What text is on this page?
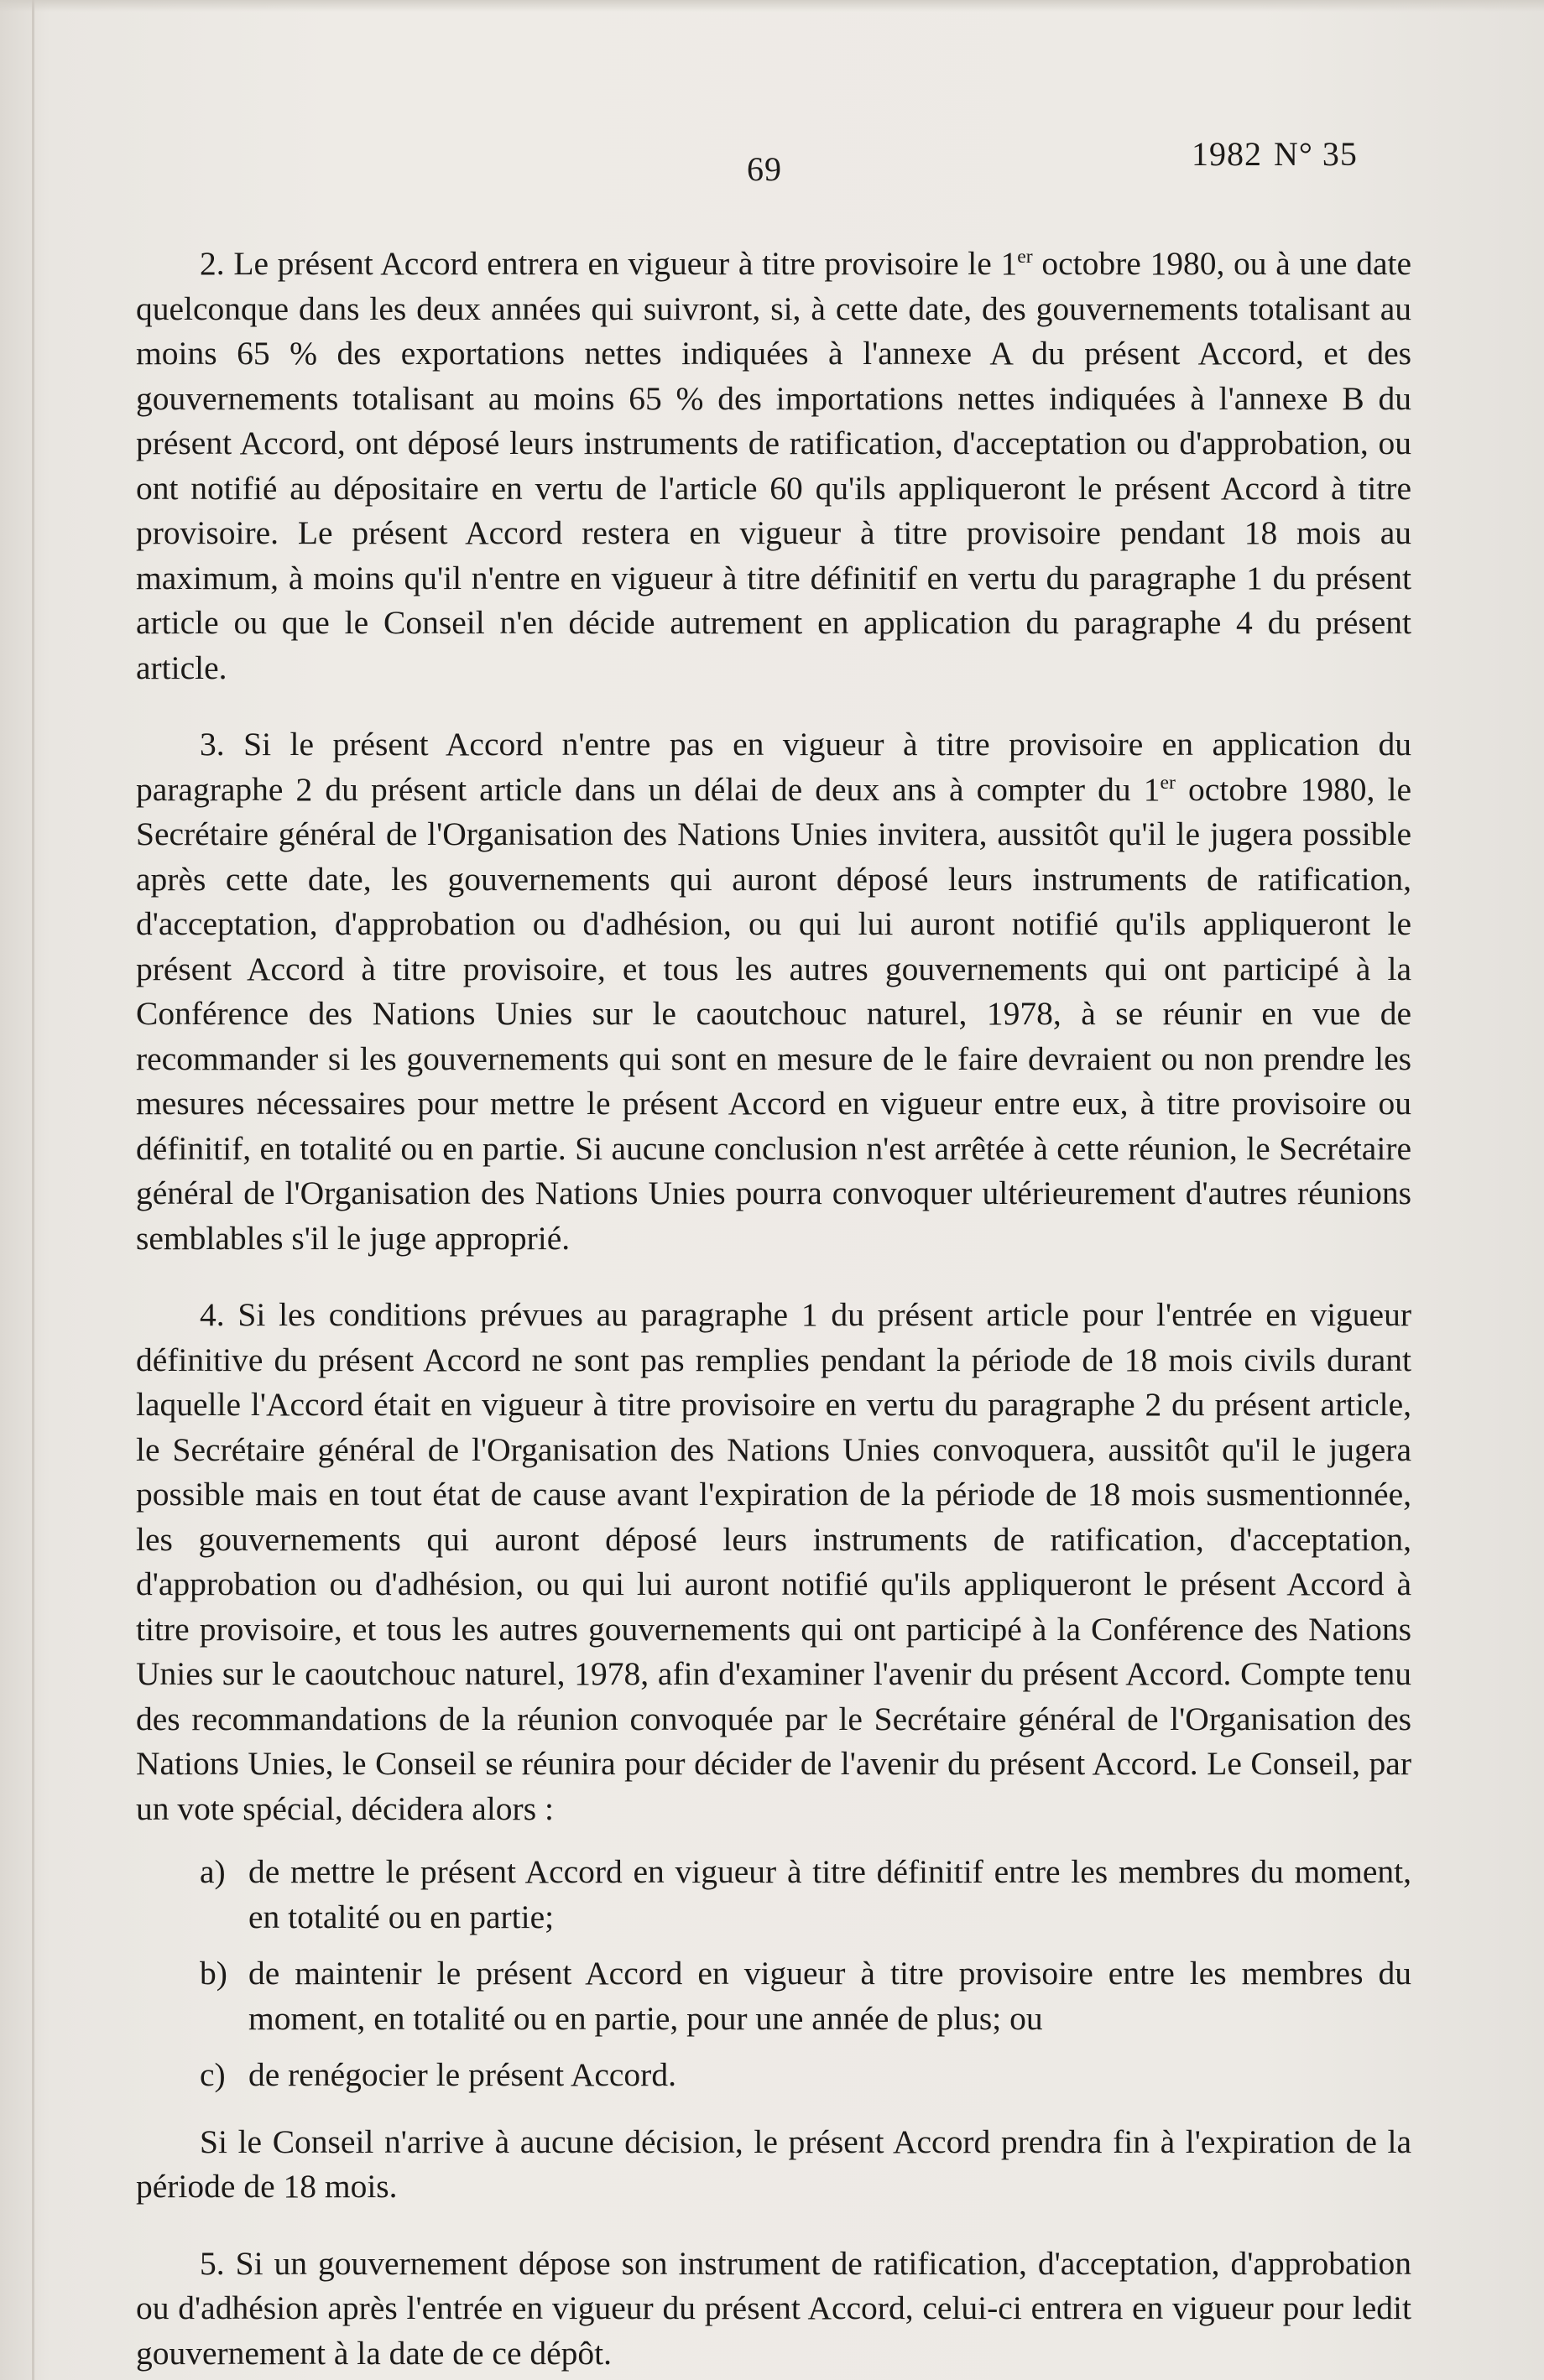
69	1982 N° 35

2. Le présent Accord entrera en vigueur à titre provisoire le 1er octobre 1980, ou à une date quelconque dans les deux années qui suivront, si, à cette date, des gouvernements totalisant au moins 65 % des exportations nettes indiquées à l'annexe A du présent Accord, et des gouvernements totalisant au moins 65 % des importations nettes indiquées à l'annexe B du présent Accord, ont déposé leurs instruments de ratification, d'acceptation ou d'approbation, ou ont notifié au dépositaire en vertu de l'article 60 qu'ils appliqueront le présent Accord à titre provisoire. Le présent Accord restera en vigueur à titre provisoire pendant 18 mois au maximum, à moins qu'il n'entre en vigueur à titre définitif en vertu du paragraphe 1 du présent article ou que le Conseil n'en décide autrement en application du paragraphe 4 du présent article.

3. Si le présent Accord n'entre pas en vigueur à titre provisoire en application du paragraphe 2 du présent article dans un délai de deux ans à compter du 1er octobre 1980, le Secrétaire général de l'Organisation des Nations Unies invitera, aussitôt qu'il le jugera possible après cette date, les gouvernements qui auront déposé leurs instruments de ratification, d'acceptation, d'approbation ou d'adhésion, ou qui lui auront notifié qu'ils appliqueront le présent Accord à titre provisoire, et tous les autres gouvernements qui ont participé à la Conférence des Nations Unies sur le caoutchouc naturel, 1978, à se réunir en vue de recommander si les gouvernements qui sont en mesure de le faire devraient ou non prendre les mesures nécessaires pour mettre le présent Accord en vigueur entre eux, à titre provisoire ou définitif, en totalité ou en partie. Si aucune conclusion n'est arrêtée à cette réunion, le Secrétaire général de l'Organisation des Nations Unies pourra convoquer ultérieurement d'autres réunions semblables s'il le juge approprié.

4. Si les conditions prévues au paragraphe 1 du présent article pour l'entrée en vigueur définitive du présent Accord ne sont pas remplies pendant la période de 18 mois civils durant laquelle l'Accord était en vigueur à titre provisoire en vertu du paragraphe 2 du présent article, le Secrétaire général de l'Organisation des Nations Unies convoquera, aussitôt qu'il le jugera possible mais en tout état de cause avant l'expiration de la période de 18 mois susmentionnée, les gouvernements qui auront déposé leurs instruments de ratification, d'acceptation, d'approbation ou d'adhésion, ou qui lui auront notifié qu'ils appliqueront le présent Accord à titre provisoire, et tous les autres gouvernements qui ont participé à la Conférence des Nations Unies sur le caoutchouc naturel, 1978, afin d'examiner l'avenir du présent Accord. Compte tenu des recommandations de la réunion convoquée par le Secrétaire général de l'Organisation des Nations Unies, le Conseil se réunira pour décider de l'avenir du présent Accord. Le Conseil, par un vote spécial, décidera alors :

a) de mettre le présent Accord en vigueur à titre définitif entre les membres du moment, en totalité ou en partie;
b) de maintenir le présent Accord en vigueur à titre provisoire entre les membres du moment, en totalité ou en partie, pour une année de plus; ou
c) de renégocier le présent Accord.

Si le Conseil n'arrive à aucune décision, le présent Accord prendra fin à l'expiration de la période de 18 mois.

5. Si un gouvernement dépose son instrument de ratification, d'acceptation, d'approbation ou d'adhésion après l'entrée en vigueur du présent Accord, celui-ci entrera en vigueur pour ledit gouvernement à la date de ce dépôt.
